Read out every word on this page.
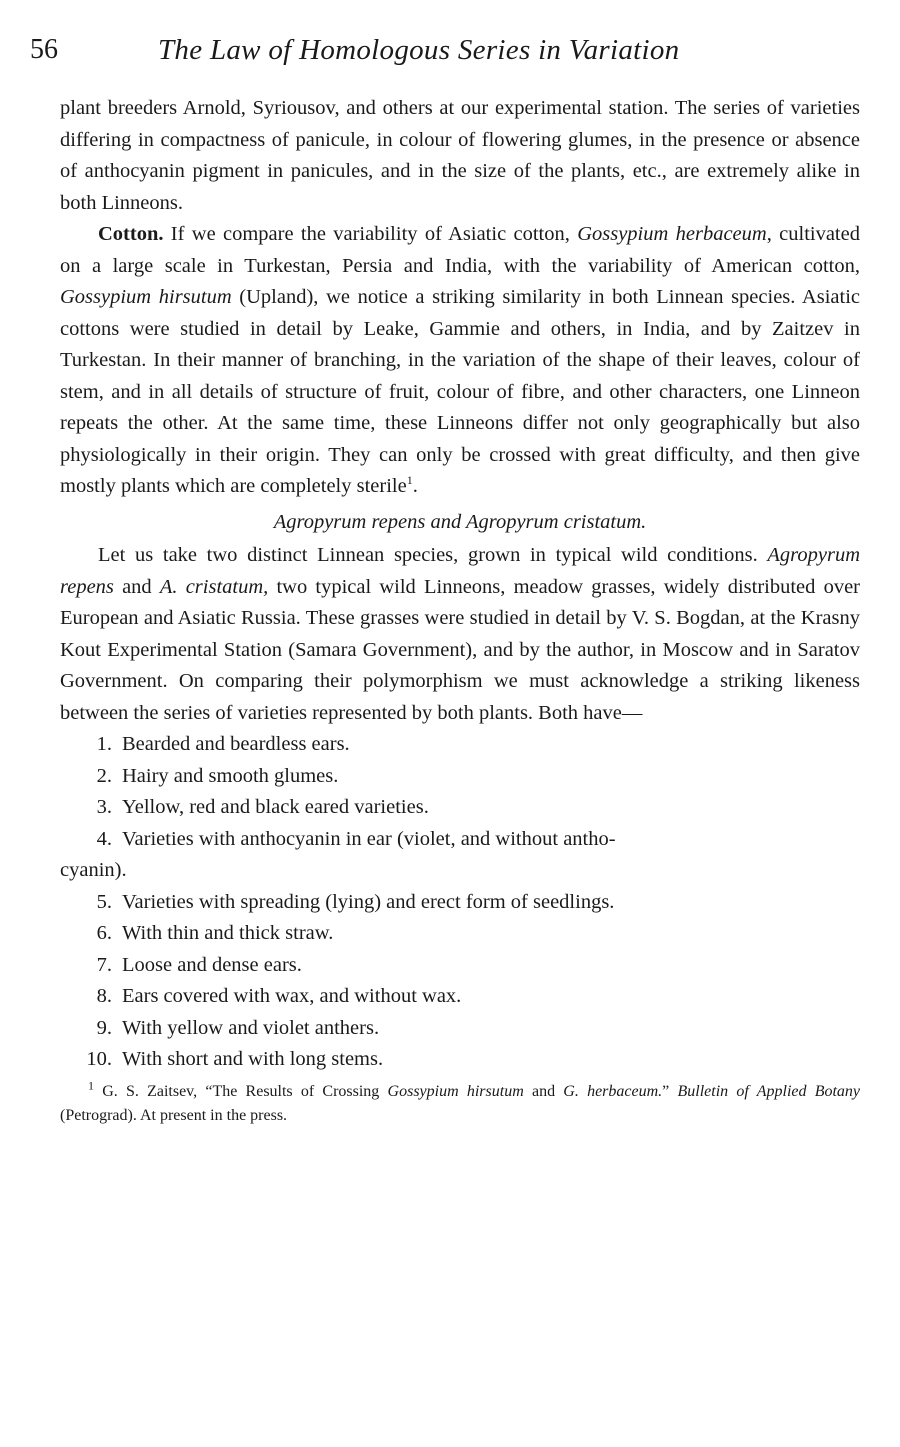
56	The Law of Homologous Series in Variation

plant breeders Arnold, Syriousov, and others at our experimental station. The series of varieties differing in compactness of panicule, in colour of flowering glumes, in the presence or absence of anthocyanin pigment in panicules, and in the size of the plants, etc., are extremely alike in both Linneons.

Cotton. If we compare the variability of Asiatic cotton, Gossypium herbaceum, cultivated on a large scale in Turkestan, Persia and India, with the variability of American cotton, Gossypium hirsutum (Upland), we notice a striking similarity in both Linnean species. Asiatic cottons were studied in detail by Leake, Gammie and others, in India, and by Zaitzev in Turkestan. In their manner of branching, in the variation of the shape of their leaves, colour of stem, and in all details of structure of fruit, colour of fibre, and other characters, one Linneon repeats the other. At the same time, these Linneons differ not only geographically but also physiologically in their origin. They can only be crossed with great difficulty, and then give mostly plants which are completely sterile$^1$.

Agropyrum repens and Agropyrum cristatum.

Let us take two distinct Linnean species, grown in typical wild conditions. Agropyrum repens and A. cristatum, two typical wild Linneons, meadow grasses, widely distributed over European and Asiatic Russia. These grasses were studied in detail by V. S. Bogdan, at the Krasny Kout Experimental Station (Samara Government), and by the author, in Moscow and in Saratov Government. On comparing their polymorphism we must acknowledge a striking likeness between the series of varieties represented by both plants. Both have—

1. Bearded and beardless ears.
2. Hairy and smooth glumes.
3. Yellow, red and black eared varieties.
4. Varieties with anthocyanin in ear (violet, and without antho-
cyanin).
5. Varieties with spreading (lying) and erect form of seedlings.
6. With thin and thick straw.
7. Loose and dense ears.
8. Ears covered with wax, and without wax.
9. With yellow and violet anthers.
10. With short and with long stems.
$^1$ G. S. Zaitsev, “The Results of Crossing Gossypium hirsutum and G. herbaceum.” Bulletin of Applied Botany (Petrograd). At present in the press.
